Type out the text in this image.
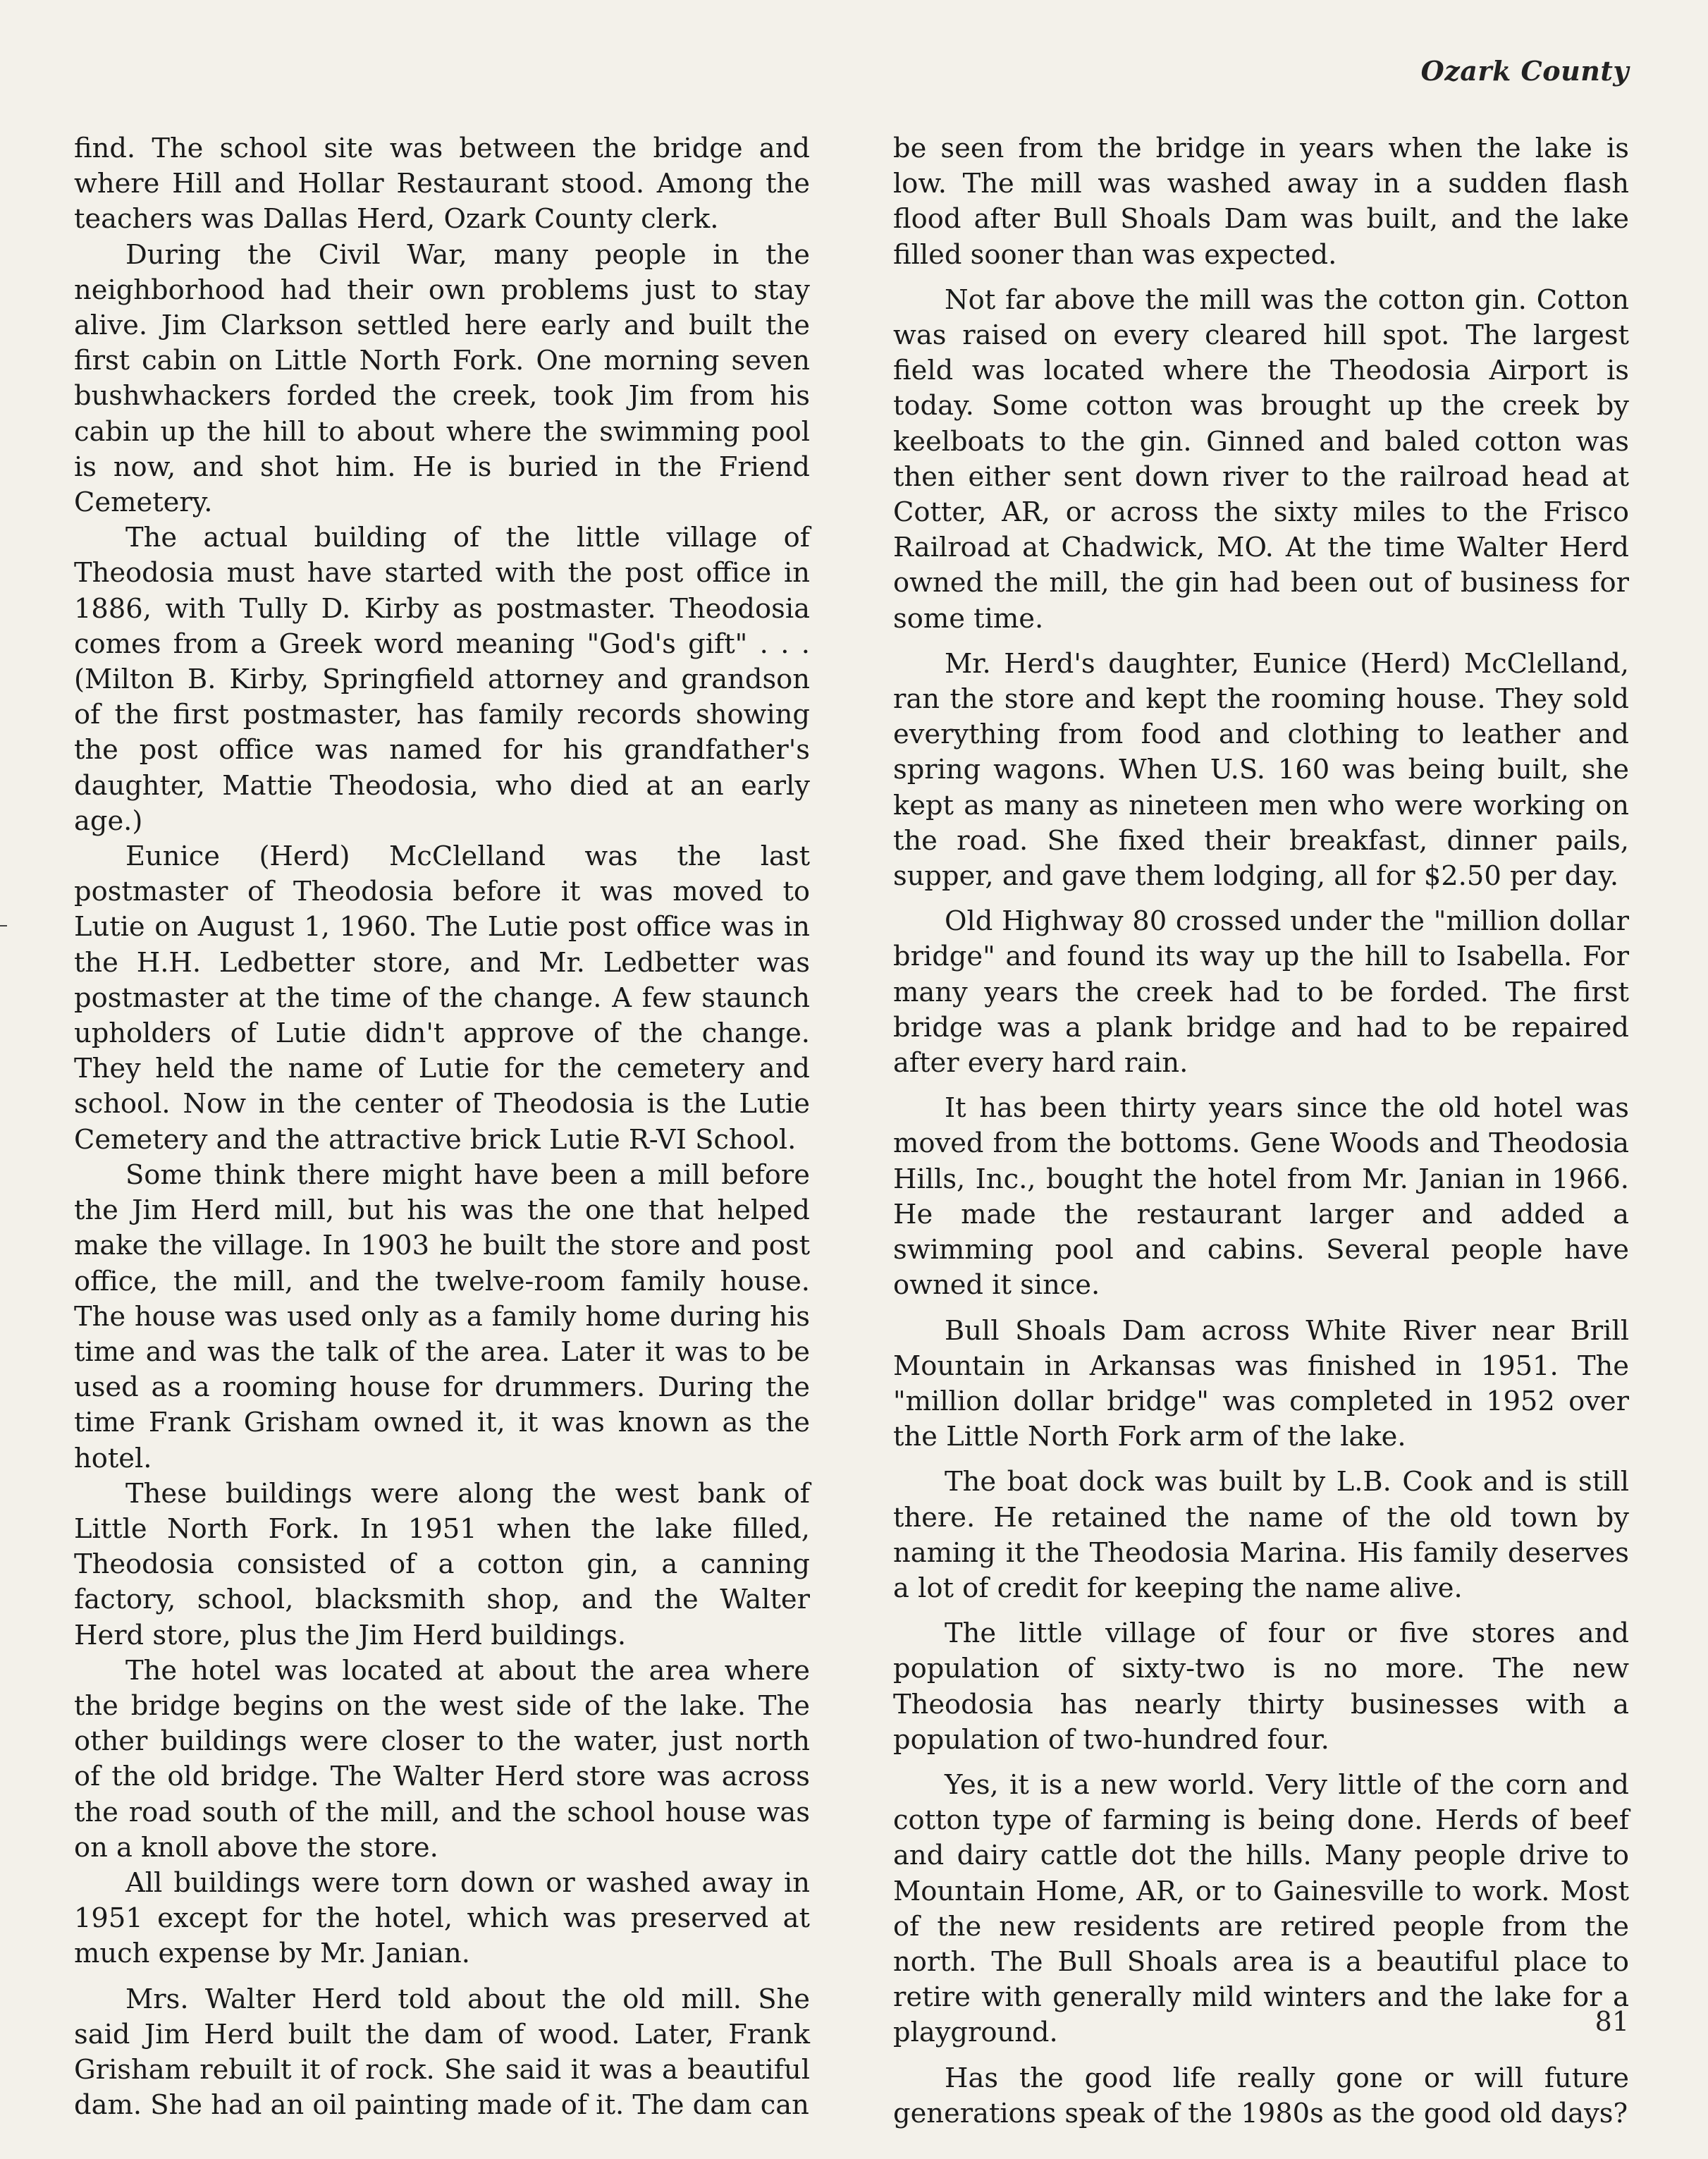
Ozark County

find. The school site was between the bridge and where Hill and Hollar Restaurant stood. Among the teachers was Dallas Herd, Ozark County clerk.

During the Civil War, many people in the neighborhood had their own problems just to stay alive. Jim Clarkson settled here early and built the first cabin on Little North Fork. One morning seven bushwhackers forded the creek, took Jim from his cabin up the hill to about where the swimming pool is now, and shot him. He is buried in the Friend Cemetery.

The actual building of the little village of Theodosia must have started with the post office in 1886, with Tully D. Kirby as postmaster. Theodosia comes from a Greek word meaning "God's gift" . . . (Milton B. Kirby, Springfield attorney and grandson of the first postmaster, has family records showing the post office was named for his grandfather's daughter, Mattie Theodosia, who died at an early age.)

Eunice (Herd) McClelland was the last postmaster of Theodosia before it was moved to Lutie on August 1, 1960. The Lutie post office was in the H.H. Ledbetter store, and Mr. Ledbetter was postmaster at the time of the change. A few staunch upholders of Lutie didn't approve of the change. They held the name of Lutie for the cemetery and school. Now in the center of Theodosia is the Lutie Cemetery and the attractive brick Lutie R-VI School.

Some think there might have been a mill before the Jim Herd mill, but his was the one that helped make the village. In 1903 he built the store and post office, the mill, and the twelve-room family house. The house was used only as a family home during his time and was the talk of the area. Later it was to be used as a rooming house for drummers. During the time Frank Grisham owned it, it was known as the hotel.

These buildings were along the west bank of Little North Fork. In 1951 when the lake filled, Theodosia consisted of a cotton gin, a canning factory, school, blacksmith shop, and the Walter Herd store, plus the Jim Herd buildings.

The hotel was located at about the area where the bridge begins on the west side of the lake. The other buildings were closer to the water, just north of the old bridge. The Walter Herd store was across the road south of the mill, and the school house was on a knoll above the store.

All buildings were torn down or washed away in 1951 except for the hotel, which was preserved at much expense by Mr. Janian.

Mrs. Walter Herd told about the old mill. She said Jim Herd built the dam of wood. Later, Frank Grisham rebuilt it of rock. She said it was a beautiful dam. She had an oil painting made of it. The dam can

be seen from the bridge in years when the lake is low. The mill was washed away in a sudden flash flood after Bull Shoals Dam was built, and the lake filled sooner than was expected.

Not far above the mill was the cotton gin. Cotton was raised on every cleared hill spot. The largest field was located where the Theodosia Airport is today. Some cotton was brought up the creek by keelboats to the gin. Ginned and baled cotton was then either sent down river to the railroad head at Cotter, AR, or across the sixty miles to the Frisco Railroad at Chadwick, MO. At the time Walter Herd owned the mill, the gin had been out of business for some time.

Mr. Herd's daughter, Eunice (Herd) McClelland, ran the store and kept the rooming house. They sold everything from food and clothing to leather and spring wagons. When U.S. 160 was being built, she kept as many as nineteen men who were working on the road. She fixed their breakfast, dinner pails, supper, and gave them lodging, all for $2.50 per day.

Old Highway 80 crossed under the "million dollar bridge" and found its way up the hill to Isabella. For many years the creek had to be forded. The first bridge was a plank bridge and had to be repaired after every hard rain.

It has been thirty years since the old hotel was moved from the bottoms. Gene Woods and Theodosia Hills, Inc., bought the hotel from Mr. Janian in 1966. He made the restaurant larger and added a swimming pool and cabins. Several people have owned it since.

Bull Shoals Dam across White River near Brill Mountain in Arkansas was finished in 1951. The "million dollar bridge" was completed in 1952 over the Little North Fork arm of the lake.

The boat dock was built by L.B. Cook and is still there. He retained the name of the old town by naming it the Theodosia Marina. His family deserves a lot of credit for keeping the name alive.

The little village of four or five stores and population of sixty-two is no more. The new Theodosia has nearly thirty businesses with a population of two-hundred four.

Yes, it is a new world. Very little of the corn and cotton type of farming is being done. Herds of beef and dairy cattle dot the hills. Many people drive to Mountain Home, AR, or to Gainesville to work. Most of the new residents are retired people from the north. The Bull Shoals area is a beautiful place to retire with generally mild winters and the lake for a playground.

Has the good life really gone or will future generations speak of the 1980s as the good old days?

81
